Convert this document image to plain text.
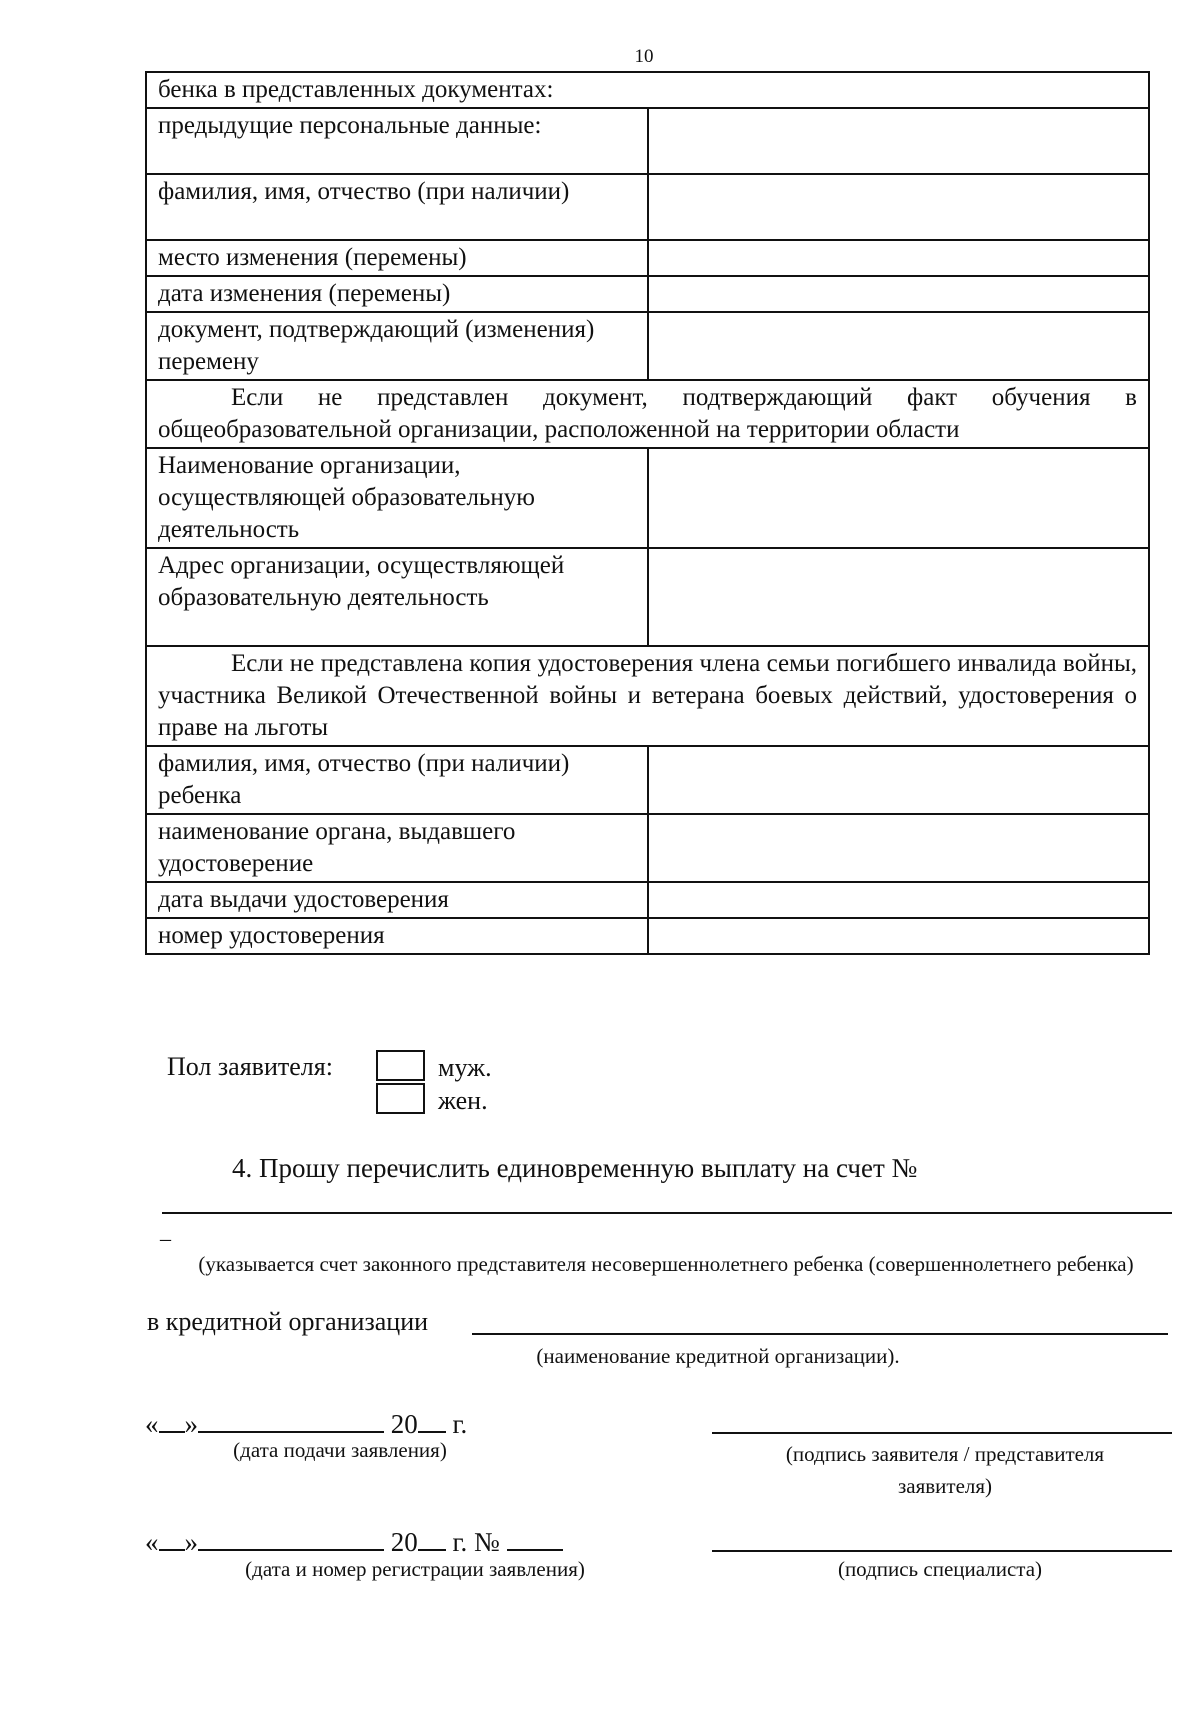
10
бенка в представленных документах:	

предыдущие персональные данные:	
фамилия, имя, отчество (при наличии)	
место изменения (перемены)	
дата изменения (перемены)	
документ, подтверждающий (изменения) перемену	

Если не представлен документ, подтверждающий факт обучения в общеобразовательной организации, расположенной на территории области	

Наименование организации, осуществляющей образовательную деятельность	
Адрес организации, осуществляющей образовательную деятельность	

Если не представлена копия удостоверения члена семьи погибшего инвалида войны, участника Великой Отечественной войны и ветерана боевых действий, удостоверения о праве на льготы	

фамилия, имя, отчество (при наличии) ребенка	
наименование органа, выдавшего удостоверение	
дата выдачи удостоверения	
номер удостоверения	
Пол заявителя:	муж.
жен.
4. Прошу перечислить единовременную выплату на счет №
_
(указывается счет законного представителя несовершеннолетнего ребенка (совершеннолетнего ребенка)
в кредитной организации
(наименование кредитной организации).
« »	20 г.
(дата подачи заявления)	(подпись заявителя / представителя заявителя)
« »	20 г. №
(дата и номер регистрации заявления)	(подпись специалиста)
